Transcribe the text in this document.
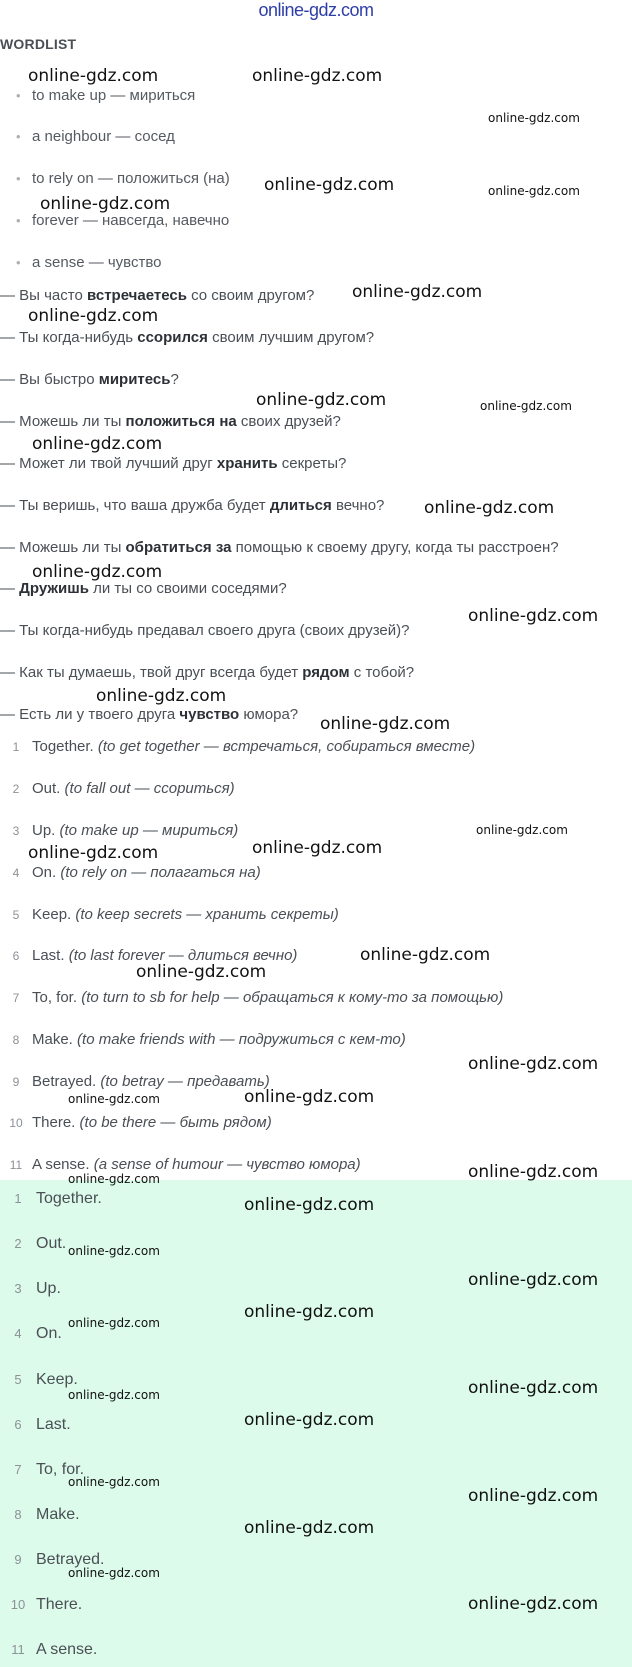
online-gdz.com
WORDLIST
• to make up — мириться
• a neighbour — сосед
• to rely on — положиться (на)
• forever — навсегда, навечно
• a sense — чувство
— Вы часто встречаетесь со своим другом?
— Ты когда-нибудь ссорился своим лучшим другом?
— Вы быстро миритесь?
— Можешь ли ты положиться на своих друзей?
— Может ли твой лучший друг хранить секреты?
— Ты веришь, что ваша дружба будет длиться вечно?
— Можешь ли ты обратиться за помощью к своему другу, когда ты расстроен?
— Дружишь ли ты со своими соседями?
— Ты когда-нибудь предавал своего друга (своих друзей)?
— Как ты думаешь, твой друг всегда будет рядом с тобой?
— Есть ли у твоего друга чувство юмора?
1 Together. (to get together — встречаться, собираться вместе)
2 Out. (to fall out — ссориться)
3 Up. (to make up — мириться)
4 On. (to rely on — полагаться на)
5 Keep. (to keep secrets — хранить секреты)
6 Last. (to last forever — длиться вечно)
7 To, for. (to turn to sb for help — обращаться к кому-то за помощью)
8 Make. (to make friends with — подружиться с кем-то)
9 Betrayed. (to betray — предавать)
10 There. (to be there — быть рядом)
11 A sense. (a sense of humour — чувство юмора)
1 Together.
2 Out.
3 Up.
4 On.
5 Keep.
6 Last.
7 To, for.
8 Make.
9 Betrayed.
10 There.
11 A sense.
online-gdz.com	online-gdz.com
online-gdz.com
online-gdz.com	online-gdz.com
online-gdz.com
online-gdz.com
online-gdz.com
online-gdz.com	online-gdz.com
online-gdz.com
online-gdz.com
online-gdz.com
online-gdz.com
online-gdz.com
online-gdz.com
online-gdz.com
online-gdz.com	online-gdz.com
online-gdz.com
online-gdz.com
online-gdz.com
online-gdz.com	online-gdz.com
online-gdz.com	online-gdz.com
online-gdz.com
online-gdz.com
online-gdz.com
online-gdz.com
online-gdz.com
online-gdz.com
online-gdz.com
online-gdz.com
online-gdz.com
online-gdz.com
online-gdz.com
online-gdz.com
online-gdz.com
